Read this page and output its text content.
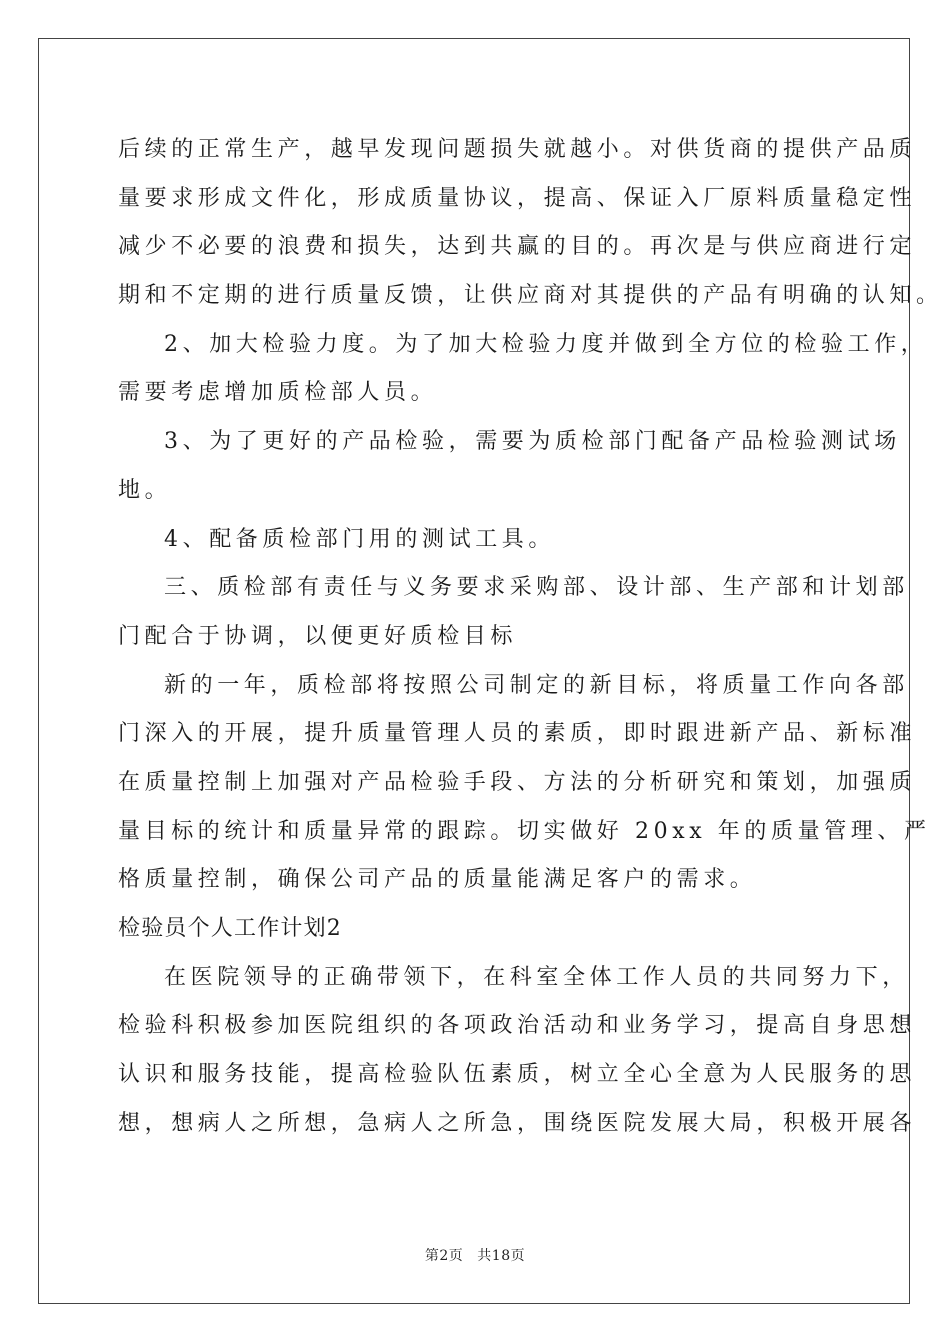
后续的正常生产，越早发现问题损失就越小。对供货商的提供产品质
量要求形成文件化，形成质量协议，提高、保证入厂原料质量稳定性
减少不必要的浪费和损失，达到共赢的目的。再次是与供应商进行定
期和不定期的进行质量反馈，让供应商对其提供的产品有明确的认知。
2、加大检验力度。为了加大检验力度并做到全方位的检验工作，
需要考虑增加质检部人员。
3、为了更好的产品检验，需要为质检部门配备产品检验测试场
地。
4、配备质检部门用的测试工具。
三、质检部有责任与义务要求采购部、设计部、生产部和计划部
门配合于协调，以便更好质检目标
新的一年，质检部将按照公司制定的新目标，将质量工作向各部
门深入的开展，提升质量管理人员的素质，即时跟进新产品、新标准
在质量控制上加强对产品检验手段、方法的分析研究和策划，加强质
量目标的统计和质量异常的跟踪。切实做好 20xx 年的质量管理、严
格质量控制，确保公司产品的质量能满足客户的需求。
检验员个人工作计划2
在医院领导的正确带领下，在科室全体工作人员的共同努力下，
检验科积极参加医院组织的各项政治活动和业务学习，提高自身思想
认识和服务技能，提高检验队伍素质，树立全心全意为人民服务的思
想，想病人之所想，急病人之所急，围绕医院发展大局，积极开展各
第2页 共18页
